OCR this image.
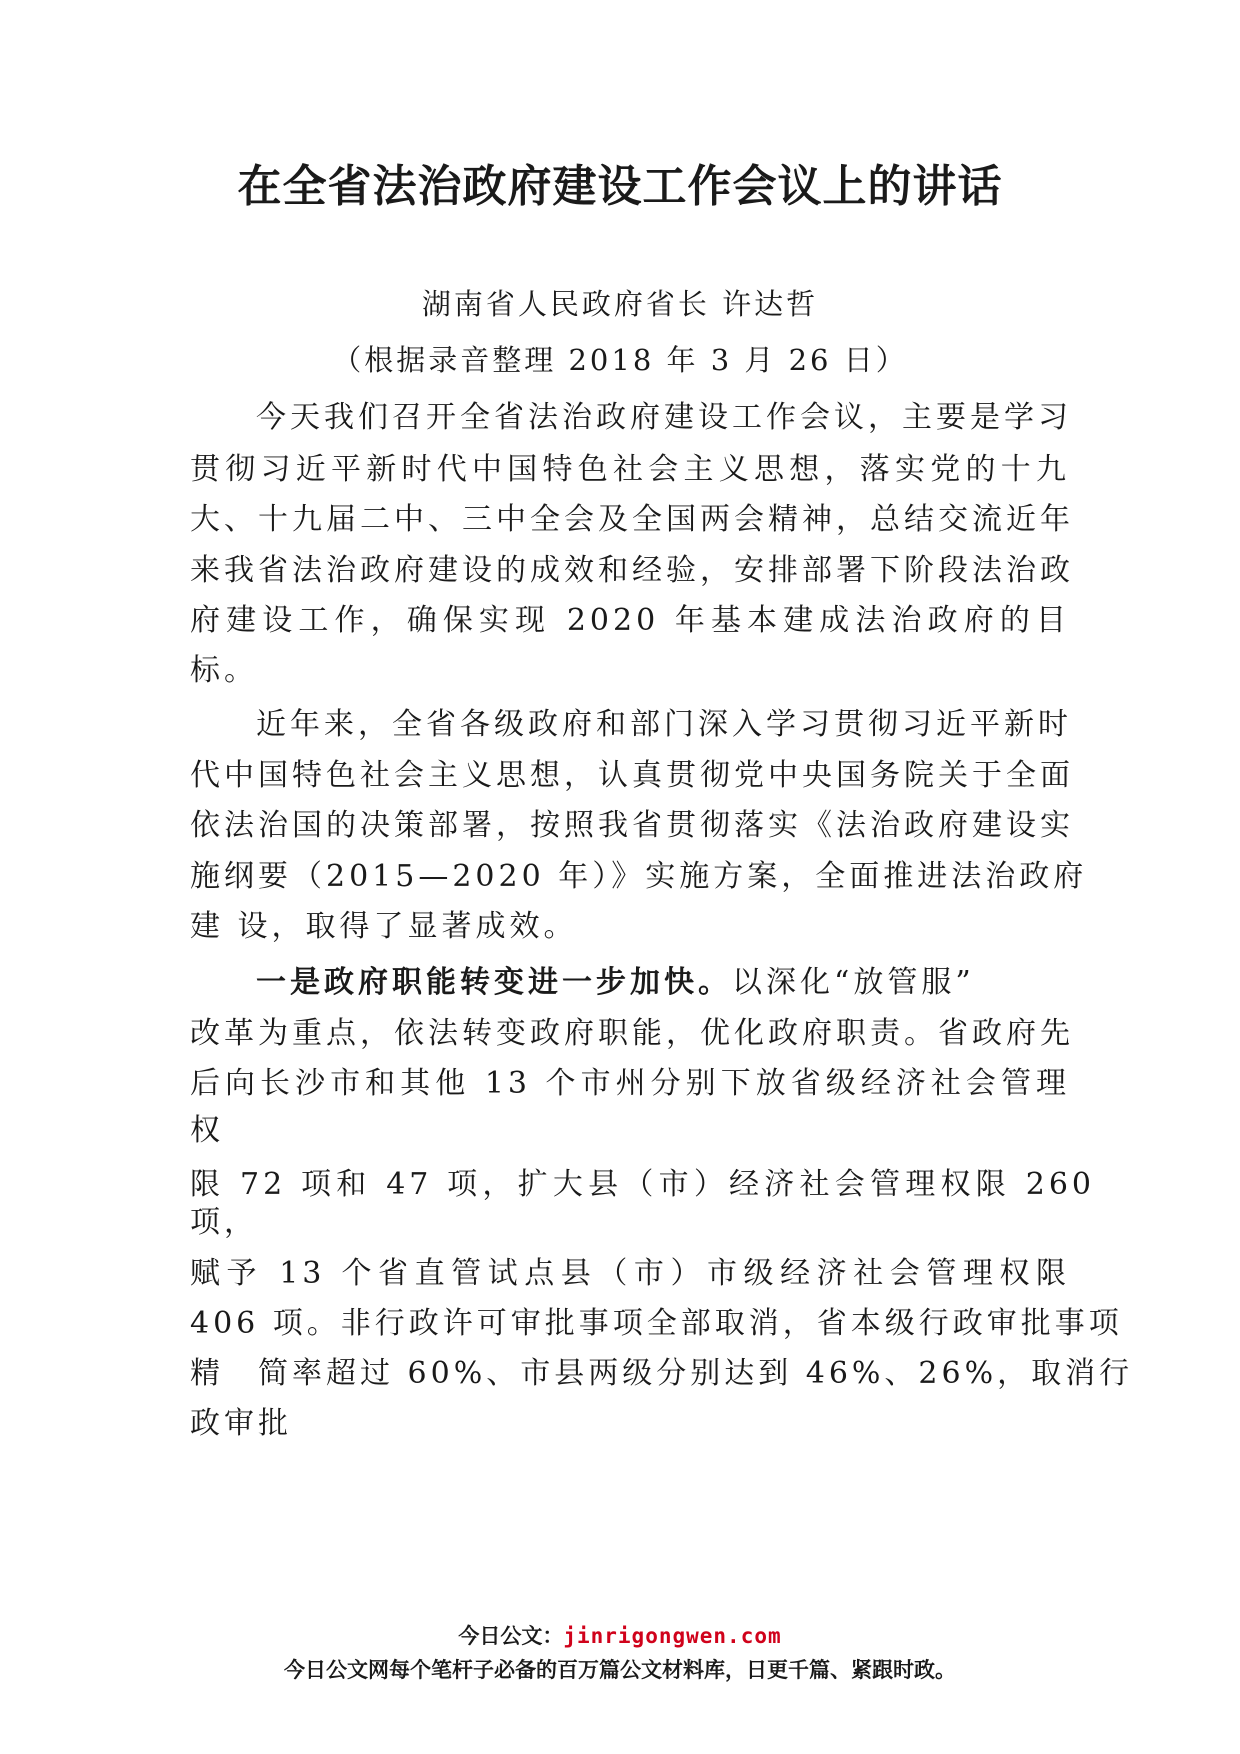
在全省法治政府建设工作会议上的讲话
湖南省人民政府省长 许达哲
（根据录音整理 2018 年 3 月 26 日）
今天我们召开全省法治政府建设工作会议，主要是学习
贯彻习近平新时代中国特色社会主义思想，落实党的十九
大、十九届二中、三中全会及全国两会精神，总结交流近年
来我省法治政府建设的成效和经验，安排部署下阶段法治政
府建设工作，确保实现 2020 年基本建成法治政府的目
标。
近年来，全省各级政府和部门深入学习贯彻习近平新时
代中国特色社会主义思想，认真贯彻党中央国务院关于全面
依法治国的决策部署，按照我省贯彻落实《法治政府建设实
施纲要（2015—2020 年）》实施方案，全面推进法治政府
建 设，取得了显著成效。
一是政府职能转变进一步加快。以深化“放管服”
改革为重点，依法转变政府职能，优化政府职责。省政府先
后向长沙市和其他 13 个市州分别下放省级经济社会管理
权
限 72 项和 47 项，扩大县（市）经济社会管理权限 260
项，
赋予 13 个省直管试点县（市）市级经济社会管理权限
406 项。非行政许可审批事项全部取消，省本级行政审批事项
精　简率超过 60%、市县两级分别达到 46%、26%，取消行
政审批
今日公文：jinrigongwen.com
今日公文网每个笔杆子必备的百万篇公文材料库，日更千篇、紧跟时政。
